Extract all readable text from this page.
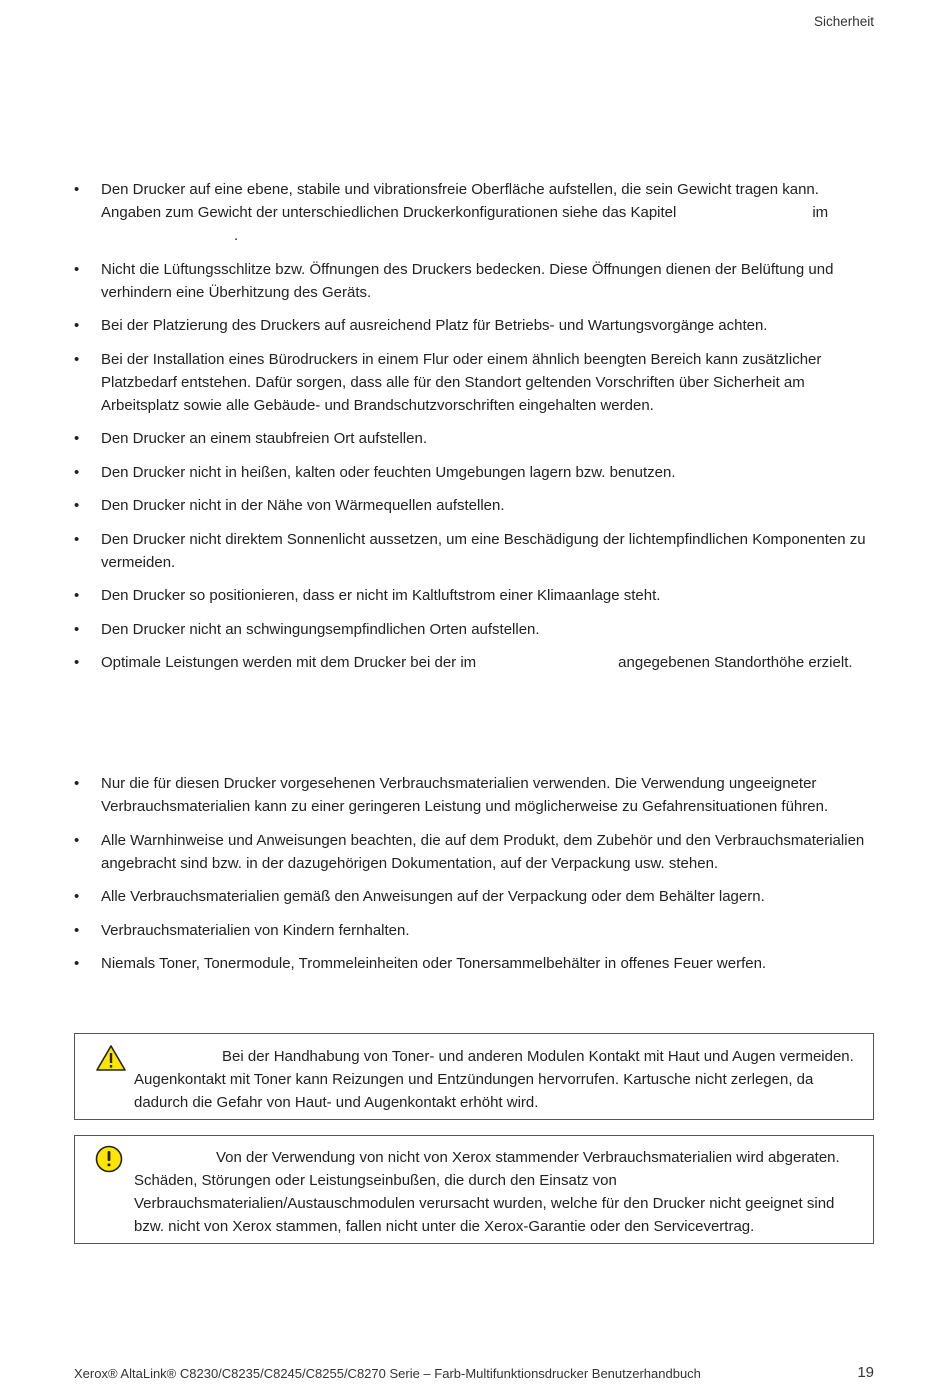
Sicherheit
• Den Drucker auf eine ebene, stabile und vibrationsfreie Oberfläche aufstellen, die sein Gewicht tragen kann. Angaben zum Gewicht der unterschiedlichen Druckerkonfigurationen siehe das Kapitel	im
.
• Nicht die Lüftungsschlitze bzw. Öffnungen des Druckers bedecken. Diese Öffnungen dienen der Belüftung und verhindern eine Überhitzung des Geräts.
• Bei der Platzierung des Druckers auf ausreichend Platz für Betriebs- und Wartungsvorgänge achten.
• Bei der Installation eines Bürodruckers in einem Flur oder einem ähnlich beengten Bereich kann zusätzlicher Platzbedarf entstehen. Dafür sorgen, dass alle für den Standort geltenden Vorschriften über Sicherheit am Arbeitsplatz sowie alle Gebäude- und Brandschutzvorschriften eingehalten werden.
• Den Drucker an einem staubfreien Ort aufstellen.
• Den Drucker nicht in heißen, kalten oder feuchten Umgebungen lagern bzw. benutzen.
• Den Drucker nicht in der Nähe von Wärmequellen aufstellen.
• Den Drucker nicht direktem Sonnenlicht aussetzen, um eine Beschädigung der lichtempfindlichen Komponenten zu vermeiden.
• Den Drucker so positionieren, dass er nicht im Kaltluftstrom einer Klimaanlage steht.
• Den Drucker nicht an schwingungsempfindlichen Orten aufstellen.
• Optimale Leistungen werden mit dem Drucker bei der im	angegebenen Standorthöhe erzielt.
• Nur die für diesen Drucker vorgesehenen Verbrauchsmaterialien verwenden. Die Verwendung ungeeigneter Verbrauchsmaterialien kann zu einer geringeren Leistung und möglicherweise zu Gefahrensituationen führen.
• Alle Warnhinweise und Anweisungen beachten, die auf dem Produkt, dem Zubehör und den Verbrauchsmaterialien angebracht sind bzw. in der dazugehörigen Dokumentation, auf der Verpackung usw. stehen.
• Alle Verbrauchsmaterialien gemäß den Anweisungen auf der Verpackung oder dem Behälter lagern.
• Verbrauchsmaterialien von Kindern fernhalten.
• Niemals Toner, Tonermodule, Trommeleinheiten oder Tonersammelbehälter in offenes Feuer werfen.
Bei der Handhabung von Toner- und anderen Modulen Kontakt mit Haut und Augen vermeiden. Augenkontakt mit Toner kann Reizungen und Entzündungen hervorrufen. Kartusche nicht zerlegen, da dadurch die Gefahr von Haut- und Augenkontakt erhöht wird.
Von der Verwendung von nicht von Xerox stammender Verbrauchsmaterialien wird abgeraten. Schäden, Störungen oder Leistungseinbußen, die durch den Einsatz von Verbrauchsmaterialien/Austauschmodulen verursacht wurden, welche für den Drucker nicht geeignet sind bzw. nicht von Xerox stammen, fallen nicht unter die Xerox-Garantie oder den Servicevertrag.
Xerox® AltaLink® C8230/C8235/C8245/C8255/C8270 Serie – Farb-Multifunktionsdrucker Benutzerhandbuch	19
